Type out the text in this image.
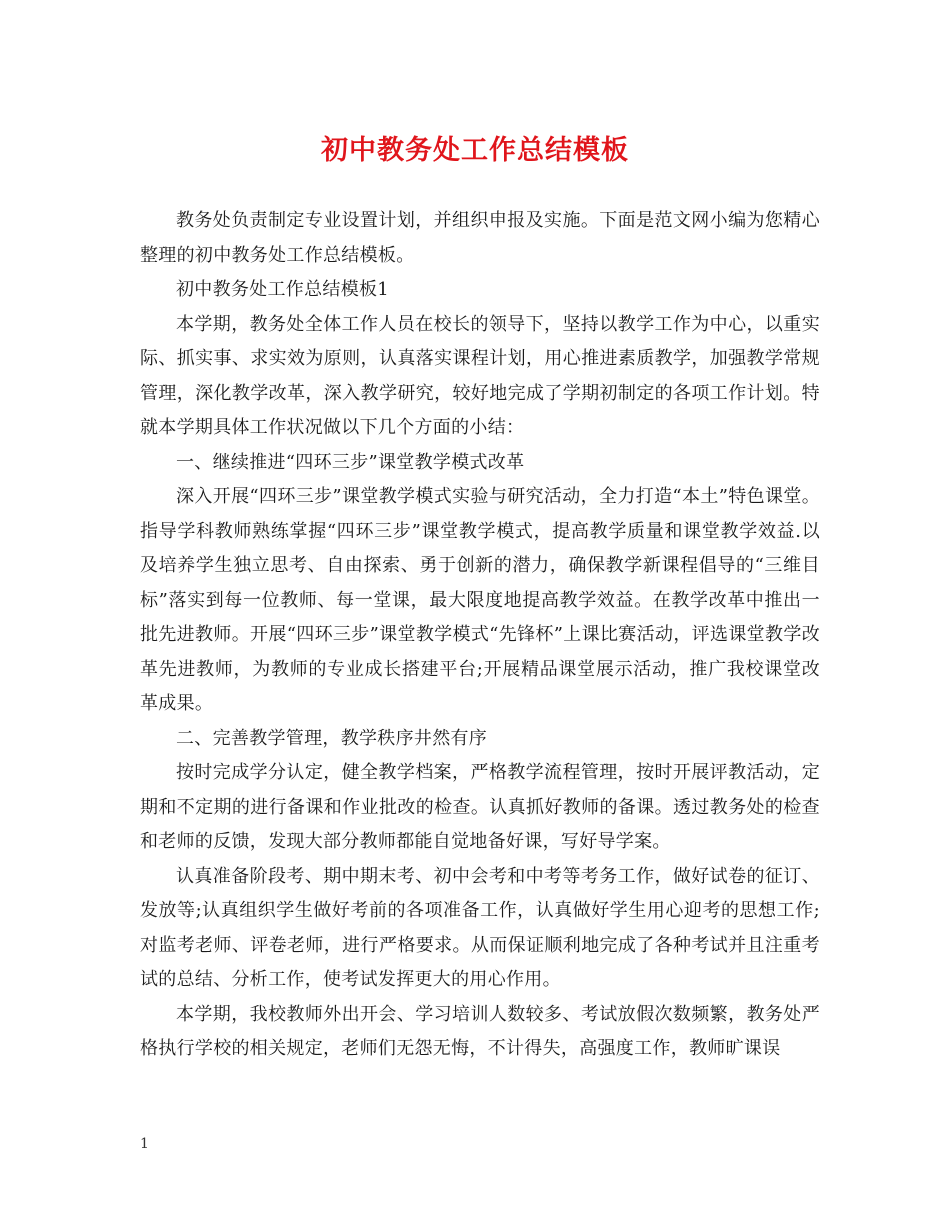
初中教务处工作总结模板

教务处负责制定专业设置计划，并组织申报及实施。下面是范文网小编为您精心整理的初中教务处工作总结模板。

初中教务处工作总结模板1

本学期，教务处全体工作人员在校长的领导下，坚持以教学工作为中心，以重实际、抓实事、求实效为原则，认真落实课程计划，用心推进素质教学，加强教学常规管理，深化教学改革，深入教学研究，较好地完成了学期初制定的各项工作计划。特就本学期具体工作状况做以下几个方面的小结：

一、继续推进“四环三步”课堂教学模式改革

深入开展“四环三步”课堂教学模式实验与研究活动，全力打造“本土”特色课堂。指导学科教师熟练掌握“四环三步”课堂教学模式，提高教学质量和课堂教学效益.以及培养学生独立思考、自由探索、勇于创新的潜力，确保教学新课程倡导的“三维目标”落实到每一位教师、每一堂课，最大限度地提高教学效益。在教学改革中推出一批先进教师。开展“四环三步”课堂教学模式“先锋杯”上课比赛活动，评选课堂教学改革先进教师，为教师的专业成长搭建平台;开展精品课堂展示活动，推广我校课堂改革成果。

二、完善教学管理，教学秩序井然有序

按时完成学分认定，健全教学档案，严格教学流程管理，按时开展评教活动，定期和不定期的进行备课和作业批改的检查。认真抓好教师的备课。透过教务处的检查和老师的反馈，发现大部分教师都能自觉地备好课，写好导学案。

认真准备阶段考、期中期末考、初中会考和中考等考务工作，做好试卷的征订、发放等;认真组织学生做好考前的各项准备工作，认真做好学生用心迎考的思想工作;对监考老师、评卷老师，进行严格要求。从而保证顺利地完成了各种考试并且注重考试的总结、分析工作，使考试发挥更大的用心作用。

本学期，我校教师外出开会、学习培训人数较多、考试放假次数频繁，教务处严格执行学校的相关规定，老师们无怨无悔，不计得失，高强度工作，教师旷课误

1
